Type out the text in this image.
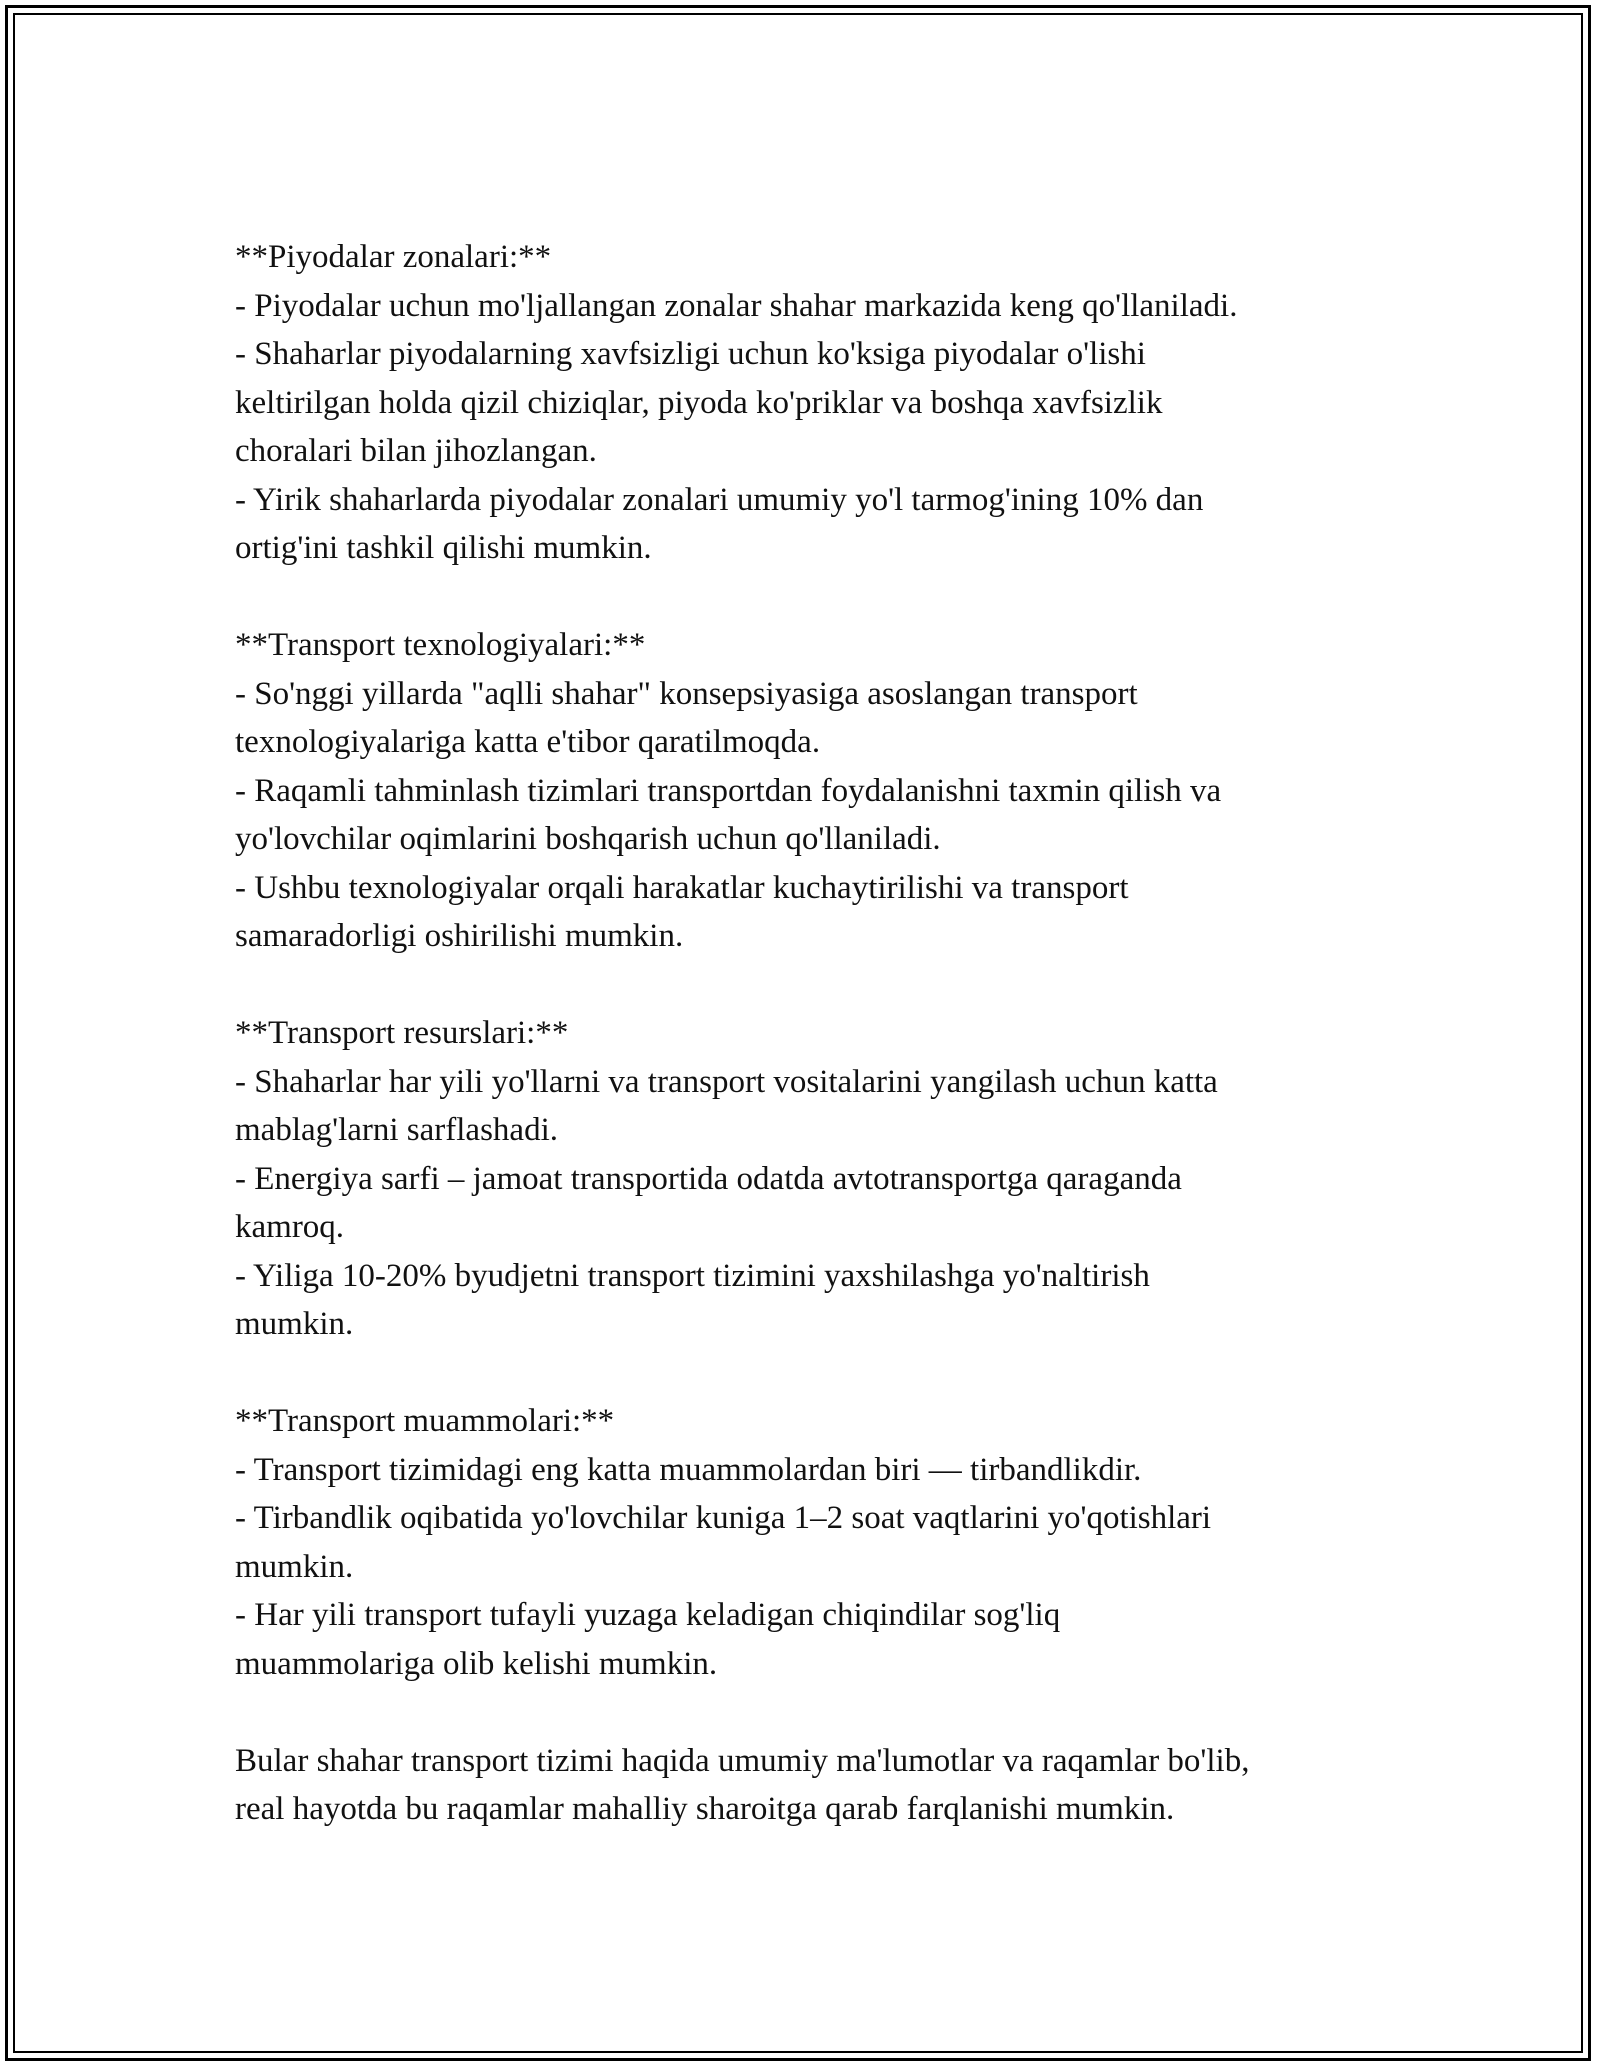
**Piyodalar zonalari:**
- Piyodalar uchun mo'ljallangan zonalar shahar markazida keng qo'llaniladi.
- Shaharlar piyodalarning xavfsizligi uchun ko'ksiga piyodalar o'lishi
keltirilgan holda qizil chiziqlar, piyoda ko'priklar va boshqa xavfsizlik
choralari bilan jihozlangan.
- Yirik shaharlarda piyodalar zonalari umumiy yo'l tarmog'ining 10% dan
ortig'ini tashkil qilishi mumkin.
**Transport texnologiyalari:**
- So'nggi yillarda "aqlli shahar" konsepsiyasiga asoslangan transport
texnologiyalariga katta e'tibor qaratilmoqda.
- Raqamli tahminlash tizimlari transportdan foydalanishni taxmin qilish va
yo'lovchilar oqimlarini boshqarish uchun qo'llaniladi.
- Ushbu texnologiyalar orqali harakatlar kuchaytirilishi va transport
samaradorligi oshirilishi mumkin.
**Transport resurslari:**
- Shaharlar har yili yo'llarni va transport vositalarini yangilash uchun katta
mablag'larni sarflashadi.
- Energiya sarfi – jamoat transportida odatda avtotransportga qaraganda
kamroq.
- Yiliga 10-20% byudjetni transport tizimini yaxshilashga yo'naltirish
mumkin.
**Transport muammolari:**
- Transport tizimidagi eng katta muammolardan biri — tirbandlikdir.
- Tirbandlik oqibatida yo'lovchilar kuniga 1–2 soat vaqtlarini yo'qotishlari
mumkin.
- Har yili transport tufayli yuzaga keladigan chiqindilar sog'liq
muammolariga olib kelishi mumkin.
Bular shahar transport tizimi haqida umumiy ma'lumotlar va raqamlar bo'lib,
real hayotda bu raqamlar mahalliy sharoitga qarab farqlanishi mumkin.
